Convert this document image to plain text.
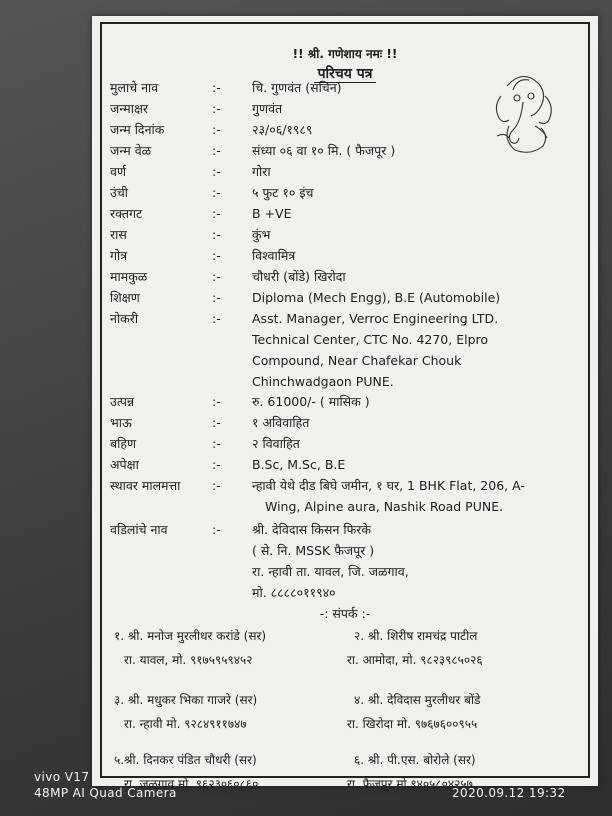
!! श्री. गणेशाय नमः !!
परिचय पत्र
मुलाचे नाव	:-	चि. गुणवंत (सचिन)
जन्माक्षर	:-	गुणवंत
जन्म दिनांक	:-	२३/०६/१९८९
जन्म वेळ	:-	संध्या ०६ वा १० मि. ( फैजपूर )
वर्ण	:-	गोरा
उंची	:-	५ फुट १० इंच
रक्तगट	:-	B +VE
रास	:-	कुंभ
गोत्र	:-	विश्वामित्र
मामकुळ	:-	चौधरी (बोंडे) खिरोदा
शिक्षण	:-	Diploma (Mech Engg), B.E (Automobile)
नोकरी	:-	Asst. Manager, Verroc Engineering LTD.
Technical Center, CTC No. 4270, Elpro
Compound, Near Chafekar Chouk
Chinchwadgaon PUNE.
उत्पन्न	:-	रु. 61000/- ( मासिक )
भाऊ	:-	१ अविवाहित
बहिण	:-	२ विवाहित
अपेक्षा	:-	B.Sc, M.Sc, B.E
स्थावर मालमत्ता	:-	न्हावी येथे दीड बिघे जमीन, १ घर, 1 BHK Flat, 206, A-
Wing, Alpine aura, Nashik Road PUNE.
वडिलांचे नाव	:-	श्री. देविदास किसन फिरके
( से. नि. MSSK फैजपूर )
रा. न्हावी ता. यावल, जि. जळगाव,
मो. ८८८८०११९४०
-: संपर्क :-
१. श्री. मनोज मुरलीधर करांडे (सर)
रा. यावल, मो. ९१७५९५९४५२
२. श्री. शिरीष रामचंद्र पाटील
रा. आमोदा, मो. ९८२३९८५०२६
३. श्री. मधुकर भिका गाजरे (सर)
रा. न्हावी मो. ९२८४९११७४७
४. श्री. देविदास मुरलीधर बोंडे
रा. खिरोदा मो. ९७६७६००९५५
५.श्री. दिनकर पंडित चौधरी (सर)
रा. जळगाव मो. ९६२३०६०८६०
६. श्री. पी.एस. बोरोले (सर)
रा. फैजपूर मो.९४०५८०४२५७
vivo V17
48MP AI Quad Camera	2020.09.12 19:32
